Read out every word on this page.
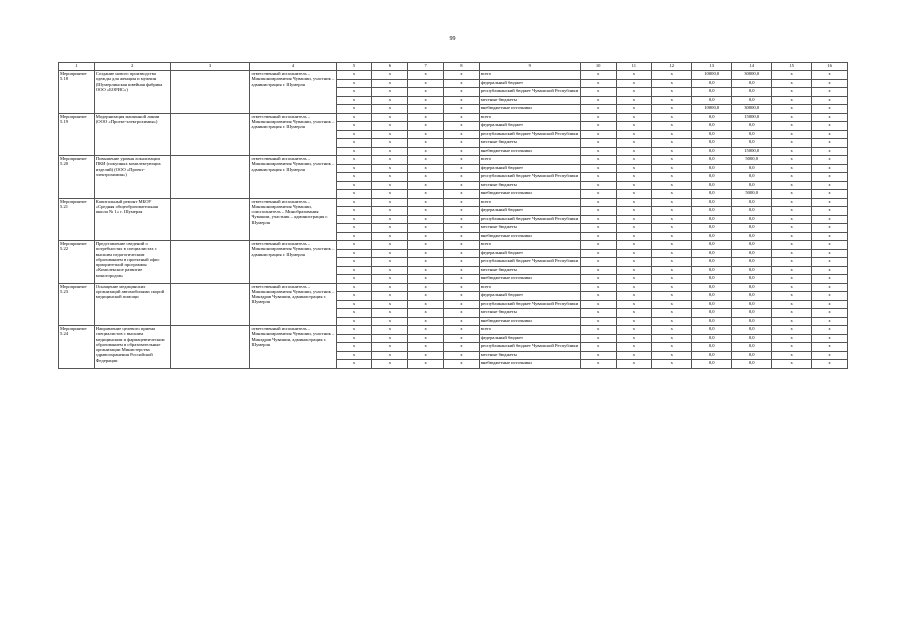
99
1	2	3	4	5	6	7	8	9	10	11	12	13	14	15	16
Мероприятие 5.18	Создание нового производства одежды для женщин и мужчин (Шумерлинская швейная фабрика ООО «БОРИС»)		ответственный исполнитель – Минэкономразвития Чувашии, участник – администрация г. Шумерля	х	х	х	х	всего	х	х	х	10000,0	30000,0	х	х
				х	х	х	х	федеральный бюджет	х	х	х	0,0	0,0	х	х
				х	х	х	х	республиканский бюджет Чувашской Республики	х	х	х	0,0	0,0	х	х
				х	х	х	х	местные бюджеты	х	х	х	0,0	0,0	х	х
				х	х	х	х	внебюджетные источники	х	х	х	10000,0	30000,0	х	х
Мероприятие 5.19	Модернизация машинной линии (ООО «Проект-электрохимия»)		ответственный исполнитель – Минэкономразвития Чувашии, участник – администрация г. Шумерля	х	х	х	х	всего	х	х	х	0,0	15000,0	х	х
				х	х	х	х	федеральный бюджет	х	х	х	0,0	0,0	х	х
				х	х	х	х	республиканский бюджет Чувашской Республики	х	х	х	0,0	0,0	х	х
				х	х	х	х	местные бюджеты	х	х	х	0,0	0,0	х	х
				х	х	х	х	внебюджетные источники	х	х	х	0,0	15000,0	х	х
Мероприятие 5.20	Повышение уровня локализации ПКИ (покупных комплектующих изделий) (ООО «Проект-электрохимия»)		ответственный исполнитель – Минэкономразвития Чувашии, участник – администрация г. Шумерля	х	х	х	х	всего	х	х	х	0,0	5000,0	х	х
				х	х	х	х	федеральный бюджет	х	х	х	0,0	0,0	х	х
				х	х	х	х	республиканский бюджет Чувашской Республики	х	х	х	0,0	0,0	х	х
				х	х	х	х	местные бюджеты	х	х	х	0,0	0,0	х	х
				х	х	х	х	внебюджетные источники	х	х	х	0,0	5000,0	х	х
Мероприятие 5.21	Капитальный ремонт МБОУ «Средняя общеобразовательная школа № 1» г. Шумерля		ответственный исполнитель – Минэкономразвития Чувашии, соисполнитель – Минобразования Чувашии, участник – администрация г. Шумерля	х	х	х	х	всего	х	х	х	0,0	0,0	х	х
				х	х	х	х	федеральный бюджет	х	х	х	0,0	0,0	х	х
				х	х	х	х	республиканский бюджет Чувашской Республики	х	х	х	0,0	0,0	х	х
				х	х	х	х	местные бюджеты	х	х	х	0,0	0,0	х	х
				х	х	х	х	внебюджетные источники	х	х	х	0,0	0,0	х	х
Мероприятие 5.22	Представление сведений о потребностях в специалистах с высшим педагогическим образованием в проектный офис приоритетной программы «Комплексное развитие моногородов»		ответственный исполнитель – Минэкономразвития Чувашии, участник – администрация г. Шумерля	х	х	х	х	всего	х	х	х	0,0	0,0	х	х
				х	х	х	х	федеральный бюджет	х	х	х	0,0	0,0	х	х
				х	х	х	х	республиканский бюджет Чувашской Республики	х	х	х	0,0	0,0	х	х
				х	х	х	х	местные бюджеты	х	х	х	0,0	0,0	х	х
				х	х	х	х	внебюджетные источники	х	х	х	0,0	0,0	х	х
Мероприятие 5.23	Оснащение медицинских организаций автомобилями скорой медицинской помощи		ответственный исполнитель – Минэкономразвития Чувашии, участник – Минздрав Чувашии, администрация г. Шумерля	х	х	х	х	всего	х	х	х	0,0	0,0	х	х
				х	х	х	х	федеральный бюджет	х	х	х	0,0	0,0	х	х
				х	х	х	х	республиканский бюджет Чувашской Республики	х	х	х	0,0	0,0	х	х
				х	х	х	х	местные бюджеты	х	х	х	0,0	0,0	х	х
				х	х	х	х	внебюджетные источники	х	х	х	0,0	0,0	х	х
Мероприятие 5.24	Направление целевого приема специалистов с высшим медицинским и фармацевтическим образованием в образовательные организации Министерства здравоохранения Российской Федерации		ответственный исполнитель – Минэкономразвития Чувашии, участник – Минздрав Чувашии, администрация г. Шумерля	х	х	х	х	всего	х	х	х	0,0	0,0	х	х
				х	х	х	х	федеральный бюджет	х	х	х	0,0	0,0	х	х
				х	х	х	х	республиканский бюджет Чувашской Республики	х	х	х	0,0	0,0	х	х
				х	х	х	х	местные бюджеты	х	х	х	0,0	0,0	х	х
				х	х	х	х	внебюджетные источники	х	х	х	0,0	0,0	х	х
